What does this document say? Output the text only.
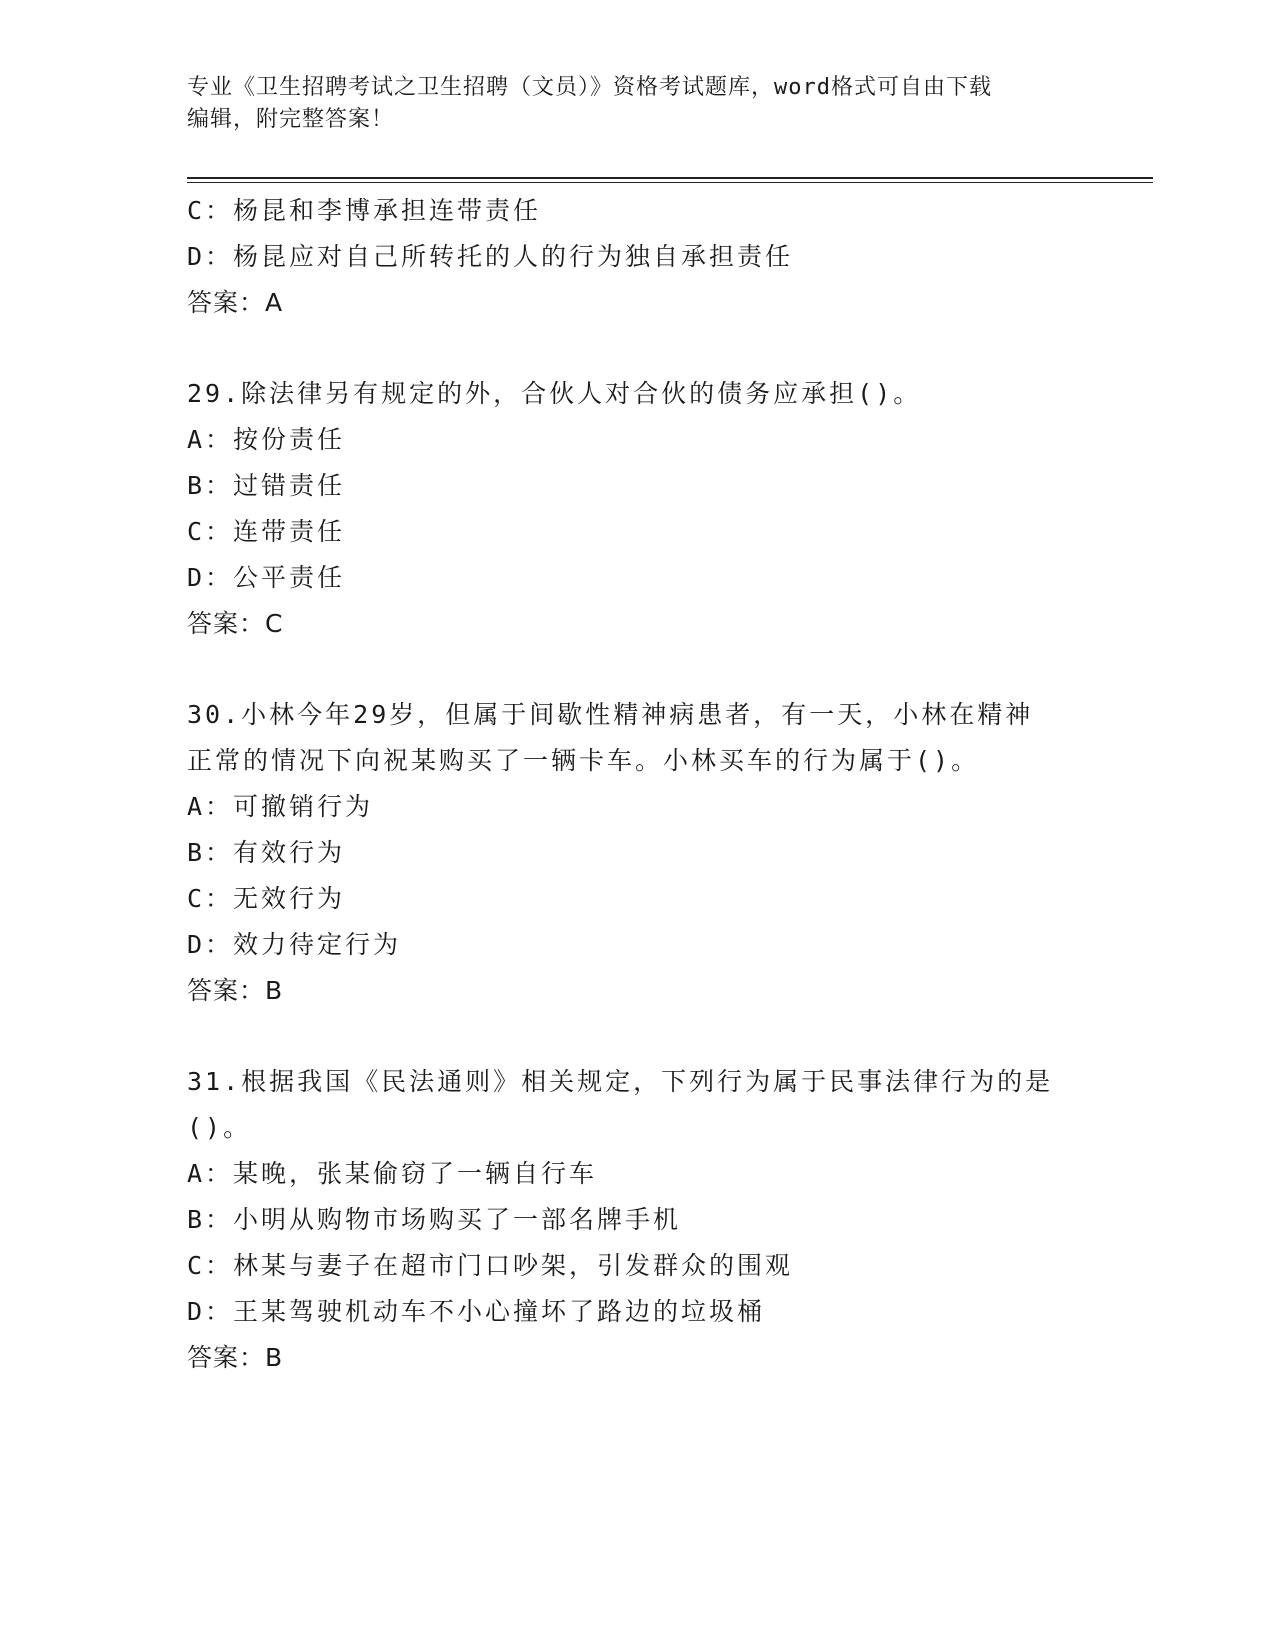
专业《卫生招聘考试之卫生招聘（文员）》资格考试题库，word格式可自由下载
编辑，附完整答案！
C：杨昆和李博承担连带责任
D：杨昆应对自己所转托的人的行为独自承担责任
答案：A
29.除法律另有规定的外，合伙人对合伙的债务应承担()。
A：按份责任
B：过错责任
C：连带责任
D：公平责任
答案：C
30.小林今年29岁，但属于间歇性精神病患者，有一天，小林在精神
正常的情况下向祝某购买了一辆卡车。小林买车的行为属于()。
A：可撤销行为
B：有效行为
C：无效行为
D：效力待定行为
答案：B
31.根据我国《民法通则》相关规定，下列行为属于民事法律行为的是
()。
A：某晚，张某偷窃了一辆自行车
B：小明从购物市场购买了一部名牌手机
C：林某与妻子在超市门口吵架，引发群众的围观
D：王某驾驶机动车不小心撞坏了路边的垃圾桶
答案：B
